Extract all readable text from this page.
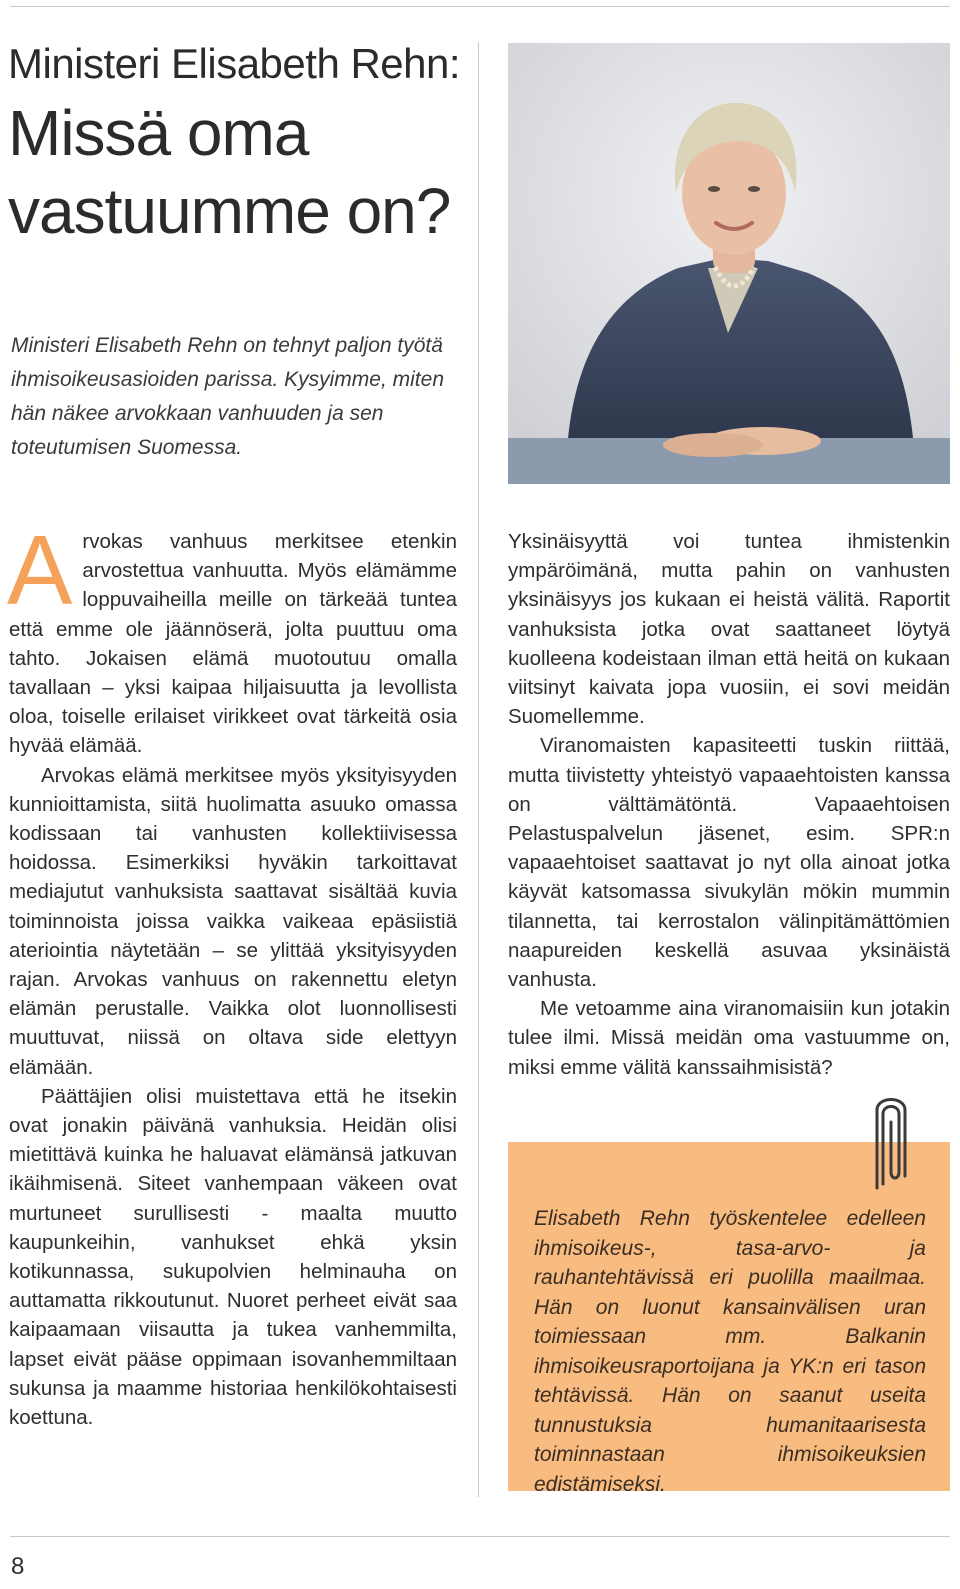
Ministeri Elisabeth Rehn:
Missä oma vastuumme on?

Ministeri Elisabeth Rehn on tehnyt paljon työtä ihmisoikeusasioiden parissa. Kysyimme, miten hän näkee arvokkaan vanhuuden ja sen toteutumisen Suomessa.

Arvokas vanhuus merkitsee etenkin arvostettua vanhuutta. Myös elämämme loppuvaiheilla meille on tärkeää tuntea että emme ole jäännöserä, jolta puuttuu oma tahto. Jokaisen elämä muotoutuu omalla tavallaan – yksi kaipaa hiljaisuutta ja levollista oloa, toiselle erilaiset virikkeet ovat tärkeitä osia hyvää elämää.

Arvokas elämä merkitsee myös yksityisyyden kunnioittamista, siitä huolimatta asuuko omassa kodissaan tai vanhusten kollektiivisessa hoidossa. Esimerkiksi hyväkin tarkoittavat mediajutut vanhuksista saattavat sisältää kuvia toiminnoista joissa vaikka vaikeaa epäsiistiä ateriointia näytetään – se ylittää yksityisyyden rajan. Arvokas vanhuus on rakennettu eletyn elämän perustalle. Vaikka olot luonnollisesti muuttuvat, niissä on oltava side elettyyn elämään.

Päättäjien olisi muistettava että he itsekin ovat jonakin päivänä vanhuksia. Heidän olisi mietittävä kuinka he haluavat elämänsä jatkuvan ikäihmisenä. Siteet vanhempaan väkeen ovat murtuneet surullisesti - maalta muutto kaupunkeihin, vanhukset ehkä yksin kotikunnassa, sukupolvien helminauha on auttamatta rikkoutunut. Nuoret perheet eivät saa kaipaamaan viisautta ja tukea vanhemmilta, lapset eivät pääse oppimaan isovanhemmiltaan sukunsa ja maamme historiaa henkilökohtaisesti koettuna.

Yksinäisyyttä voi tuntea ihmistenkin ympäröimänä, mutta pahin on vanhusten yksinäisyys jos kukaan ei heistä välitä. Raportit vanhuksista jotka ovat saattaneet löytyä kuolleena kodeistaan ilman että heitä on kukaan viitsinyt kaivata jopa vuosiin, ei sovi meidän Suomellemme.

Viranomaisten kapasiteetti tuskin riittää, mutta tiivistetty yhteistyö vapaaehtoisten kanssa on välttämätöntä. Vapaaehtoisen Pelastuspalvelun jäsenet, esim. SPR:n vapaaehtoiset saattavat jo nyt olla ainoat jotka käyvät katsomassa sivukylän mökin mummin tilannetta, tai kerrostalon välinpitämättömien naapureiden keskellä asuvaa yksinäistä vanhusta.

Me vetoamme aina viranomaisiin kun jotakin tulee ilmi. Missä meidän oma vastuumme on, miksi emme välitä kanssaihmisistä?

Elisabeth Rehn työskentelee edelleen ihmisoikeus-, tasa-arvo- ja rauhantehtävissä eri puolilla maailmaa. Hän on luonut kansainvälisen uran toimiessaan mm. Balkanin ihmisoikeusraportoijana ja YK:n eri tason tehtävissä. Hän on saanut useita tunnustuksia humanitaarisesta toiminnastaan ihmisoikeuksien edistämiseksi.

8
